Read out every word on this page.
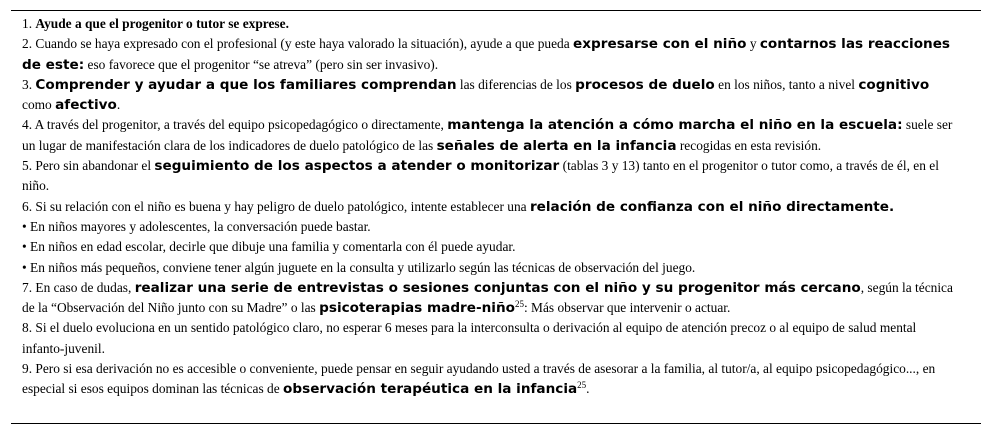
1. Ayude a que el progenitor o tutor se exprese.

2. Cuando se haya expresado con el profesional (y este haya valorado la situación), ayude a que pueda expresarse con el niño y contarnos las reacciones de este: eso favorece que el progenitor “se atreva” (pero sin ser invasivo).

3. Comprender y ayudar a que los familiares comprendan las diferencias de los procesos de duelo en los niños, tanto a nivel cognitivo como afectivo.

4. A través del progenitor, a través del equipo psicopedagógico o directamente, mantenga la atención a cómo marcha el niño en la escuela: suele ser un lugar de manifestación clara de los indicadores de duelo patológico de las señales de alerta en la infancia recogidas en esta revisión.

5. Pero sin abandonar el seguimiento de los aspectos a atender o monitorizar (tablas 3 y 13) tanto en el progenitor o tutor como, a través de él, en el niño.

6. Si su relación con el niño es buena y hay peligro de duelo patológico, intente establecer una relación de confianza con el niño directamente.

• En niños mayores y adolescentes, la conversación puede bastar.

• En niños en edad escolar, decirle que dibuje una familia y comentarla con él puede ayudar.

• En niños más pequeños, conviene tener algún juguete en la consulta y utilizarlo según las técnicas de observación del juego.

7. En caso de dudas, realizar una serie de entrevistas o sesiones conjuntas con el niño y su progenitor más cercano, según la técnica de la “Observación del Niño junto con su Madre” o las psicoterapias madre-niño$^{25}$: Más observar que intervenir o actuar.

8. Si el duelo evoluciona en un sentido patológico claro, no esperar 6 meses para la interconsulta o derivación al equipo de atención precoz o al equipo de salud mental infanto-juvenil.

9. Pero si esa derivación no es accesible o conveniente, puede pensar en seguir ayudando usted a través de asesorar a la familia, al tutor/a, al equipo psicopedagógico..., en especial si esos equipos dominan las técnicas de observación terapéutica en la infancia$^{25}$.
